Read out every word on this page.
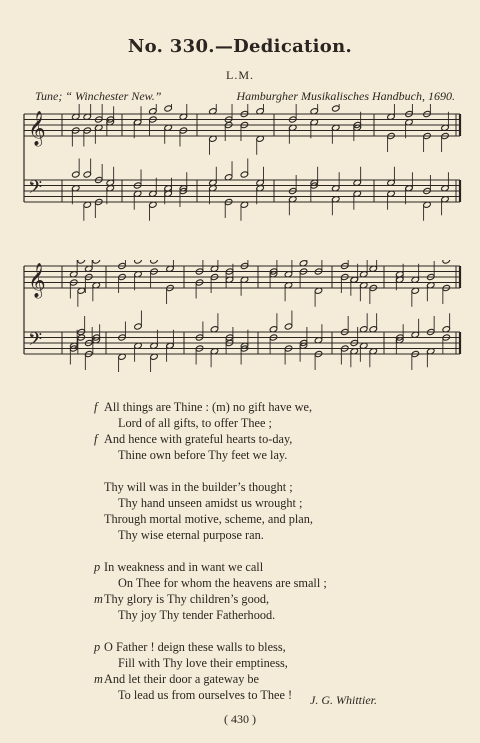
No. 330.—Dedication.
L.M.
Tune; “ Winchester New.”	Hamburgher Musikalisches Handbuch, 1690.
𝄞
𝄢
𝄞
𝄢
f All things are Thine : (m) no gift have we,
Lord of all gifts, to offer Thee ;
f And hence with grateful hearts to-day,
Thine own before Thy feet we lay.
Thy will was in the builder’s thought ;
Thy hand unseen amidst us wrought ;
Through mortal motive, scheme, and plan,
Thy wise eternal purpose ran.
p In weakness and in want we call
On Thee for whom the heavens are small ;
m Thy glory is Thy children’s good,
Thy joy Thy tender Fatherhood.
p O Father ! deign these walls to bless,
Fill with Thy love their emptiness,
m And let their door a gateway be
To lead us from ourselves to Thee !	J. G. Whittier.
( 430 )
